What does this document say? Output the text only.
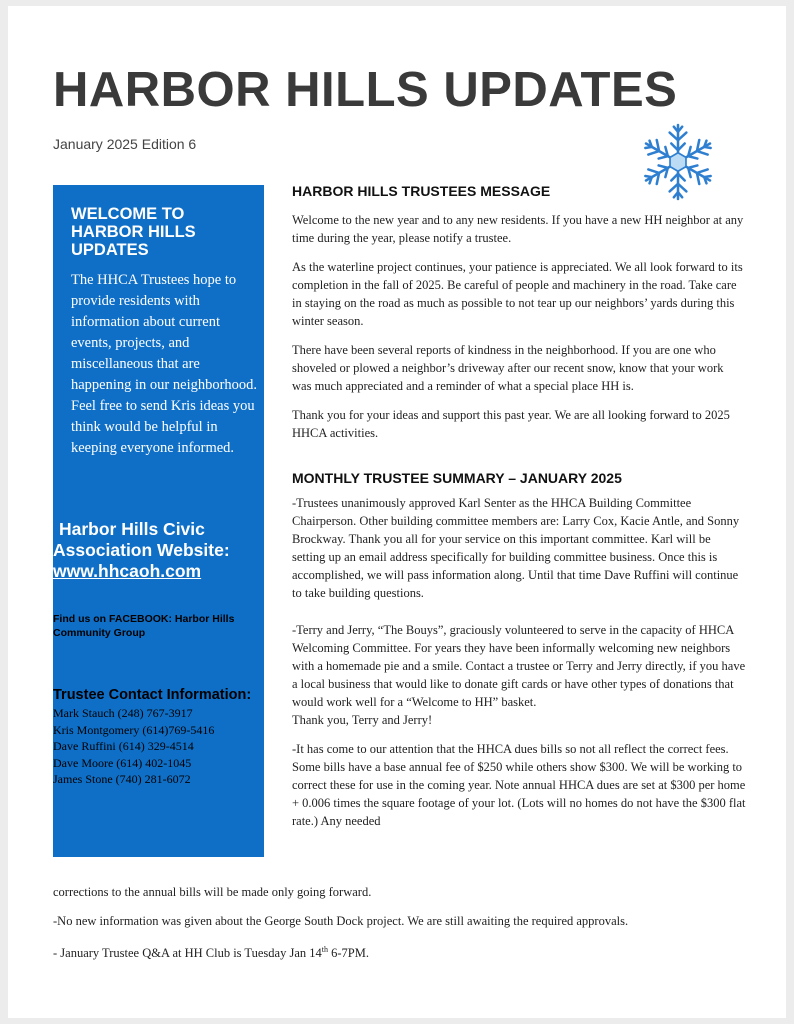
HARBOR HILLS UPDATES
January 2025 Edition 6
WELCOME TO HARBOR HILLS UPDATES
The HHCA Trustees hope to provide residents with information about current events, projects, and miscellaneous that are happening in our neighborhood. Feel free to send Kris ideas you think would be helpful in keeping everyone informed.
Harbor Hills Civic
Association Website:
www.hhcaoh.com
Find us on FACEBOOK: Harbor Hills Community Group
Trustee Contact Information:
Mark Stauch (248) 767-3917
Kris Montgomery (614)769-5416
Dave Ruffini (614) 329-4514
Dave Moore (614) 402-1045
James Stone (740) 281-6072
HARBOR HILLS TRUSTEES MESSAGE

Welcome to the new year and to any new residents. If you have a new HH neighbor at any time during the year, please notify a trustee.

As the waterline project continues, your patience is appreciated. We all look forward to its completion in the fall of 2025. Be careful of people and machinery in the road. Take care in staying on the road as much as possible to not tear up our neighbors’ yards during this winter season.

There have been several reports of kindness in the neighborhood. If you are one who shoveled or plowed a neighbor’s driveway after our recent snow, know that your work was much appreciated and a reminder of what a special place HH is.

Thank you for your ideas and support this past year. We are all looking forward to 2025 HHCA activities.

MONTHLY TRUSTEE SUMMARY – JANUARY 2025

-Trustees unanimously approved Karl Senter as the HHCA Building Committee Chairperson. Other building committee members are: Larry Cox, Kacie Antle, and Sonny Brockway. Thank you all for your service on this important committee. Karl will be setting up an email address specifically for building committee business. Once this is accomplished, we will pass information along. Until that time Dave Ruffini will continue to take building questions.

-Terry and Jerry, “The Bouys”, graciously volunteered to serve in the capacity of HHCA Welcoming Committee. For years they have been informally welcoming new neighbors with a homemade pie and a smile. Contact a trustee or Terry and Jerry directly, if you have a local business that would like to donate gift cards or have other types of donations that would work well for a “Welcome to HH” basket.

Thank you, Terry and Jerry!

-It has come to our attention that the HHCA dues bills so not all reflect the correct fees. Some bills have a base annual fee of $250 while others show $300. We will be working to correct these for use in the coming year. Note annual HHCA dues are set at $300 per home + 0.006 times the square footage of your lot. (Lots will no homes do not have the $300 flat rate.) Any needed

corrections to the annual bills will be made only going forward.

-No new information was given about the George South Dock project. We are still awaiting the required approvals.

- January Trustee Q&A at HH Club is Tuesday Jan 14th 6-7PM.
